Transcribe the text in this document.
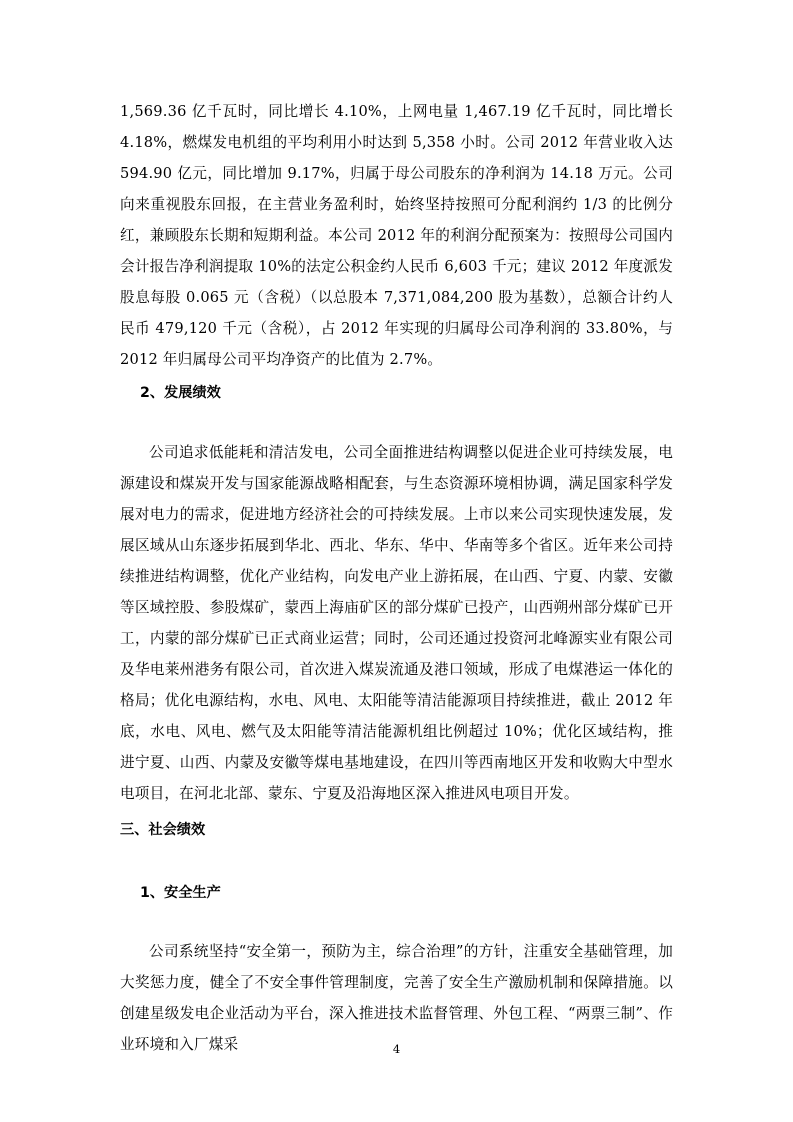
1,569.36 亿千瓦时，同比增长 4.10%，上网电量 1,467.19 亿千瓦时，同比增长 4.18%，燃煤发电机组的平均利用小时达到 5,358 小时。公司 2012 年营业收入达 594.90 亿元，同比增加 9.17%，归属于母公司股东的净利润为 14.18 万元。公司向来重视股东回报，在主营业务盈利时，始终坚持按照可分配利润约 1/3 的比例分红，兼顾股东长期和短期利益。本公司 2012 年的利润分配预案为：按照母公司国内会计报告净利润提取 10%的法定公积金约人民币 6,603 千元；建议 2012 年度派发股息每股 0.065 元（含税）（以总股本 7,371,084,200 股为基数），总额合计约人民币 479,120 千元（含税），占 2012 年实现的归属母公司净利润的 33.80%，与 2012 年归属母公司平均净资产的比值为 2.7%。

2、发展绩效

公司追求低能耗和清洁发电，公司全面推进结构调整以促进企业可持续发展，电源建设和煤炭开发与国家能源战略相配套，与生态资源环境相协调，满足国家科学发展对电力的需求，促进地方经济社会的可持续发展。上市以来公司实现快速发展，发展区域从山东逐步拓展到华北、西北、华东、华中、华南等多个省区。近年来公司持续推进结构调整，优化产业结构，向发电产业上游拓展，在山西、宁夏、内蒙、安徽等区域控股、参股煤矿，蒙西上海庙矿区的部分煤矿已投产，山西朔州部分煤矿已开工，内蒙的部分煤矿已正式商业运营；同时，公司还通过投资河北峰源实业有限公司及华电莱州港务有限公司，首次进入煤炭流通及港口领域，形成了电煤港运一体化的格局；优化电源结构，水电、风电、太阳能等清洁能源项目持续推进，截止 2012 年底，水电、风电、燃气及太阳能等清洁能源机组比例超过 10%；优化区域结构，推进宁夏、山西、内蒙及安徽等煤电基地建设，在四川等西南地区开发和收购大中型水电项目，在河北北部、蒙东、宁夏及沿海地区深入推进风电项目开发。

三、社会绩效
1、安全生产

公司系统坚持“安全第一，预防为主，综合治理”的方针，注重安全基础管理，加大奖惩力度，健全了不安全事件管理制度，完善了安全生产激励机制和保障措施。以创建星级发电企业活动为平台，深入推进技术监督管理、外包工程、“两票三制”、作业环境和入厂煤采	4
